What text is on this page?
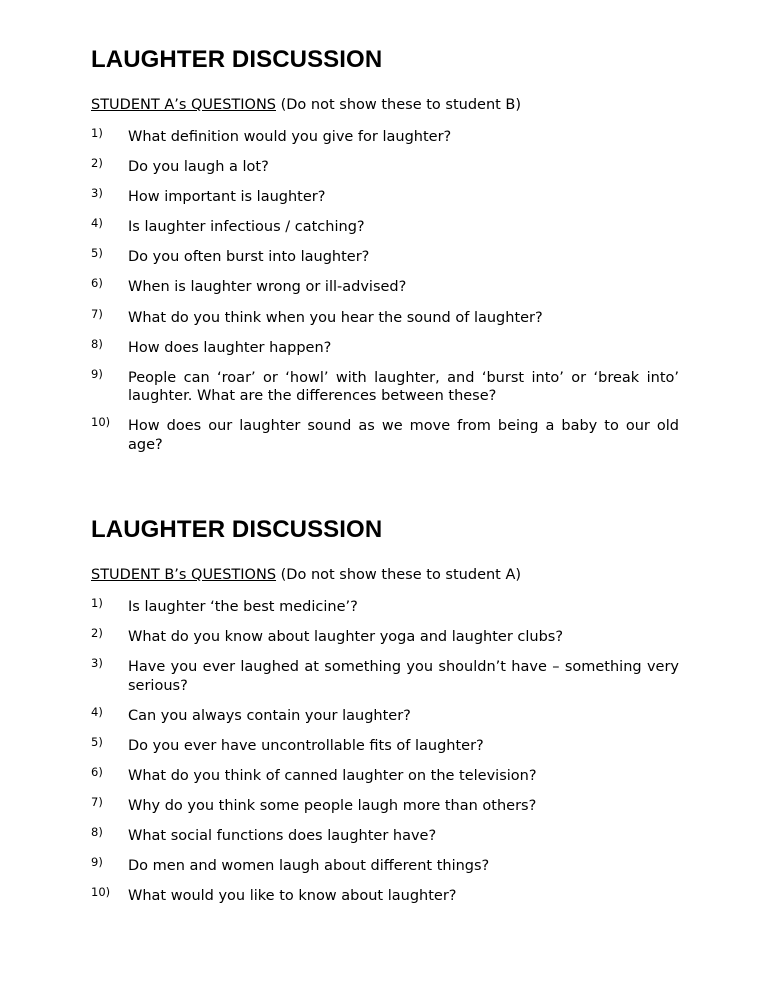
LAUGHTER DISCUSSION
STUDENT A’s QUESTIONS (Do not show these to student B)
1) What definition would you give for laughter?
2) Do you laugh a lot?
3) How important is laughter?
4) Is laughter infectious / catching?
5) Do you often burst into laughter?
6) When is laughter wrong or ill-advised?
7) What do you think when you hear the sound of laughter?
8) How does laughter happen?
9) People can ‘roar’ or ‘howl’ with laughter, and ‘burst into’ or ‘break into’ laughter. What are the differences between these?
10) How does our laughter sound as we move from being a baby to our old age?
LAUGHTER DISCUSSION
STUDENT B’s QUESTIONS (Do not show these to student A)
1) Is laughter ‘the best medicine’?
2) What do you know about laughter yoga and laughter clubs?
3) Have you ever laughed at something you shouldn’t have – something very serious?
4) Can you always contain your laughter?
5) Do you ever have uncontrollable fits of laughter?
6) What do you think of canned laughter on the television?
7) Why do you think some people laugh more than others?
8) What social functions does laughter have?
9) Do men and women laugh about different things?
10) What would you like to know about laughter?
